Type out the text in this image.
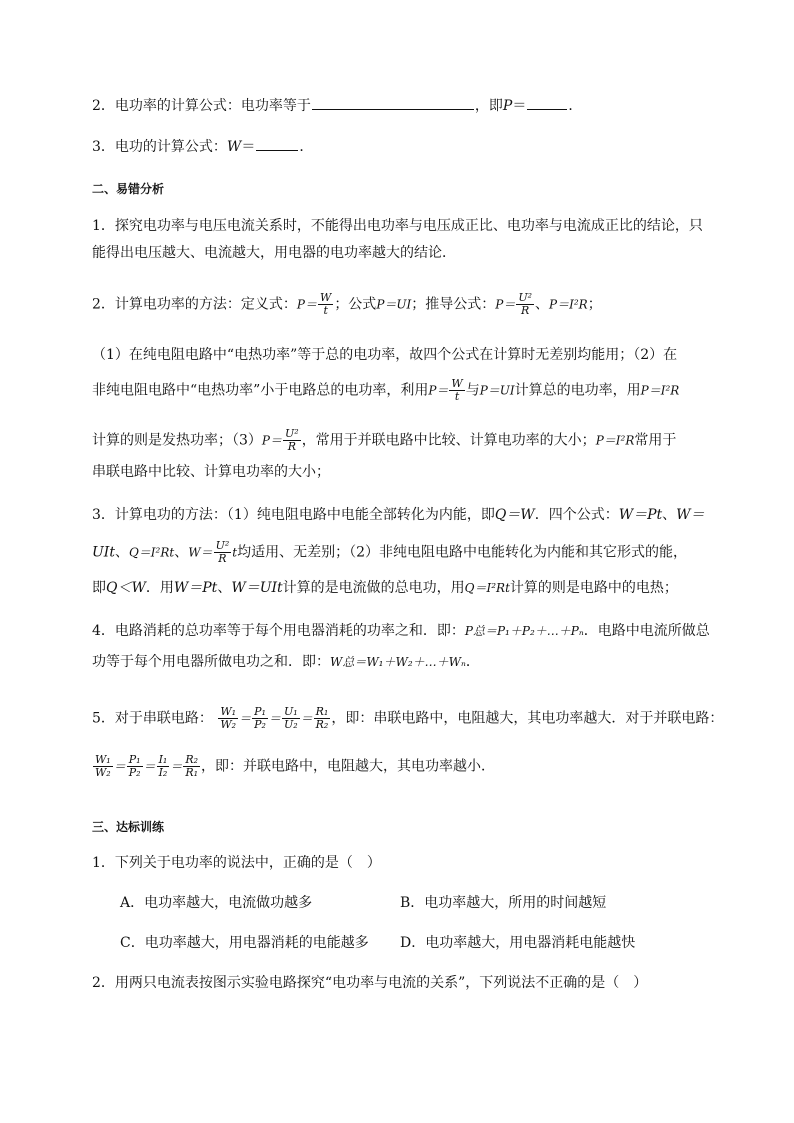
2．电功率的计算公式：电功率等于	，即P＝	．
3．电功的计算公式：W＝	．
二、易错分析
1．探究电功率与电压电流关系时，不能得出电功率与电压成正比、电功率与电流成正比的结论，只
能得出电压越大、电流越大，用电器的电功率越大的结论．
2．计算电功率的方法：定义式：$P= \frac{W}{t}$ ；公式P＝UI；推导公式：$P= \frac{\text{U²}}{R}$ 、P＝I²R；
（1）在纯电阻电路中“电热功率”等于总的电功率，故四个公式在计算时无差别均能用；（2）在
非纯电阻电路中“电热功率”小于电路总的电功率，利用$P= \frac{W}{t}$ 与P＝UI计算总的电功率，用P＝I²R
计算的则是发热功率；$(3)P= \frac{\text{U²}}{R}$ ，常用于并联电路中比较、计算电功率的大小；P＝I²R常用于
串联电路中比较、计算电功率的大小；
3．计算电功的方法：（1）纯电阻电路中电能全部转化为内能，即Q＝W．四个公式：W＝Pt、W＝
UIt、Q＝I²Rt、$W= \frac{\text{U²}}{R}$ t均适用、无差别；（2）非纯电阻电路中电能转化为内能和其它形式的能，
即Q＜W．用W＝Pt、W＝UIt计算的是电流做的总电功，用Q＝I²Rt计算的则是电路中的电热；
4．电路消耗的总功率等于每个用电器消耗的功率之和．即：P总＝P₁＋P₂＋…＋Pₙ．电路中电流所做总
功等于每个用电器所做电功之和．即：W总＝W₁＋W₂＋…＋Wₙ．
5．对于串联电路： $\frac{\text{W₁}}{\text{W₂}} = \frac{\text{P₁}}{\text{P₂}} = \frac{\text{U₁}}{\text{U₂}} = \frac{\text{R₁}}{\text{R₂}}$ ，即：串联电路中，电阻越大，其电功率越大．对于并联电路：
$\frac{\text{W₁}}{\text{W₂}} = \frac{\text{P₁}}{\text{P₂}} = \frac{\text{I₁}}{\text{I₂}} = \frac{\text{R₂}}{\text{R₁}}$ ，即：并联电路中，电阻越大，其电功率越小．
三、达标训练
1．下列关于电功率的说法中，正确的是（　）
A．电功率越大，电流做功越多	B．电功率越大，所用的时间越短
C．电功率越大，用电器消耗的电能越多 D．电功率越大，用电器消耗电能越快
2．用两只电流表按图示实验电路探究“电功率与电流的关系”，下列说法不正确的是（　）
